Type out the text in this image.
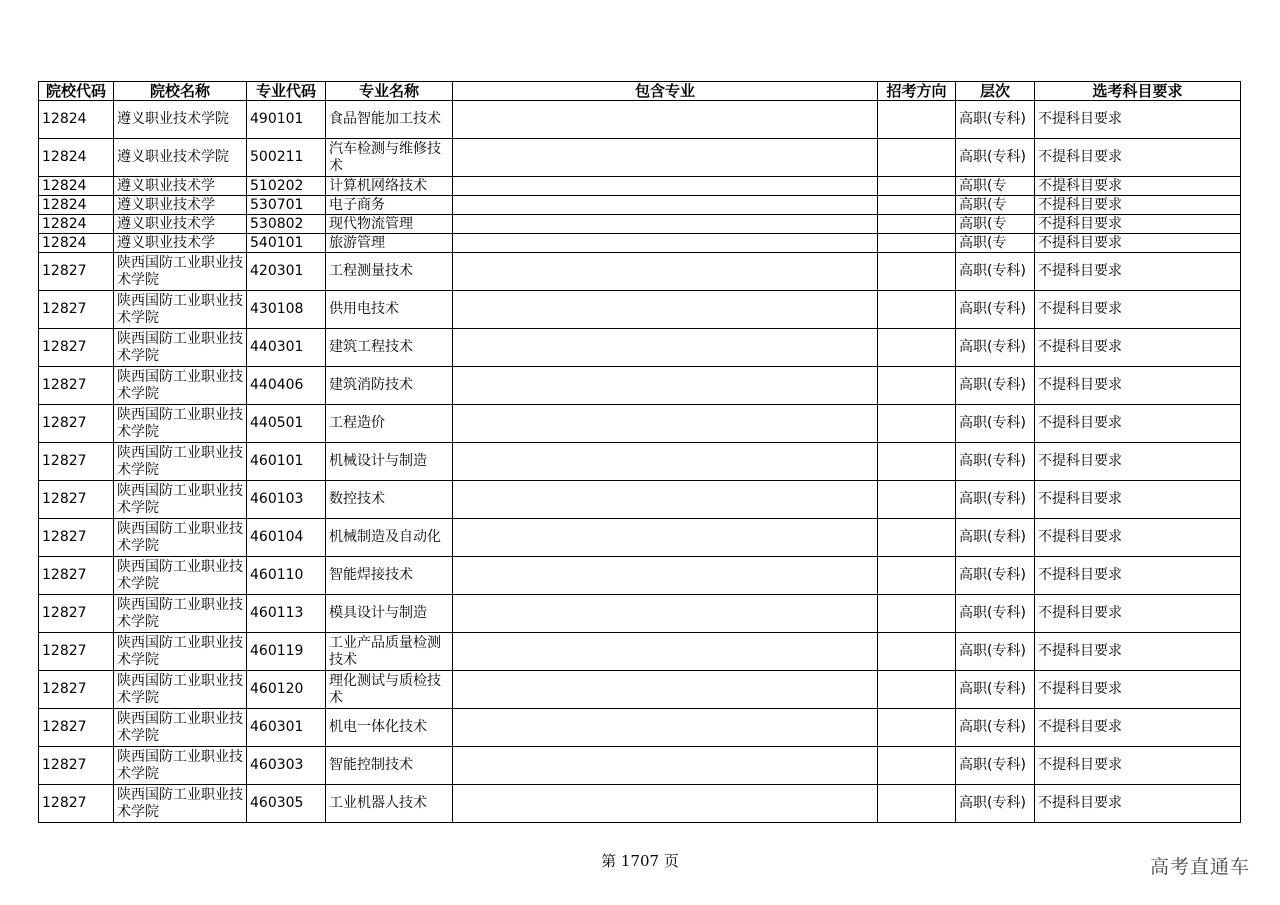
院校代码	院校名称	专业代码	专业名称	包含专业	招考方向	层次	选考科目要求
12824	遵义职业技术学院	490101	食品智能加工技术			高职(专科)	不提科目要求
12824	遵义职业技术学院	500211	汽车检测与维修技术			高职(专科)	不提科目要求
12824	遵义职业技术学	510202	计算机网络技术			高职(专	不提科目要求
12824	遵义职业技术学	530701	电子商务			高职(专	不提科目要求
12824	遵义职业技术学	530802	现代物流管理			高职(专	不提科目要求
12824	遵义职业技术学	540101	旅游管理			高职(专	不提科目要求
12827	陕西国防工业职业技术学院	420301	工程测量技术			高职(专科)	不提科目要求
12827	陕西国防工业职业技术学院	430108	供用电技术			高职(专科)	不提科目要求
12827	陕西国防工业职业技术学院	440301	建筑工程技术			高职(专科)	不提科目要求
12827	陕西国防工业职业技术学院	440406	建筑消防技术			高职(专科)	不提科目要求
12827	陕西国防工业职业技术学院	440501	工程造价			高职(专科)	不提科目要求
12827	陕西国防工业职业技术学院	460101	机械设计与制造			高职(专科)	不提科目要求
12827	陕西国防工业职业技术学院	460103	数控技术			高职(专科)	不提科目要求
12827	陕西国防工业职业技术学院	460104	机械制造及自动化			高职(专科)	不提科目要求
12827	陕西国防工业职业技术学院	460110	智能焊接技术			高职(专科)	不提科目要求
12827	陕西国防工业职业技术学院	460113	模具设计与制造			高职(专科)	不提科目要求
12827	陕西国防工业职业技术学院	460119	工业产品质量检测技术			高职(专科)	不提科目要求
12827	陕西国防工业职业技术学院	460120	理化测试与质检技术			高职(专科)	不提科目要求
12827	陕西国防工业职业技术学院	460301	机电一体化技术			高职(专科)	不提科目要求
12827	陕西国防工业职业技术学院	460303	智能控制技术			高职(专科)	不提科目要求
12827	陕西国防工业职业技术学院	460305	工业机器人技术			高职(专科)	不提科目要求
第 1707 页	高考直通车
